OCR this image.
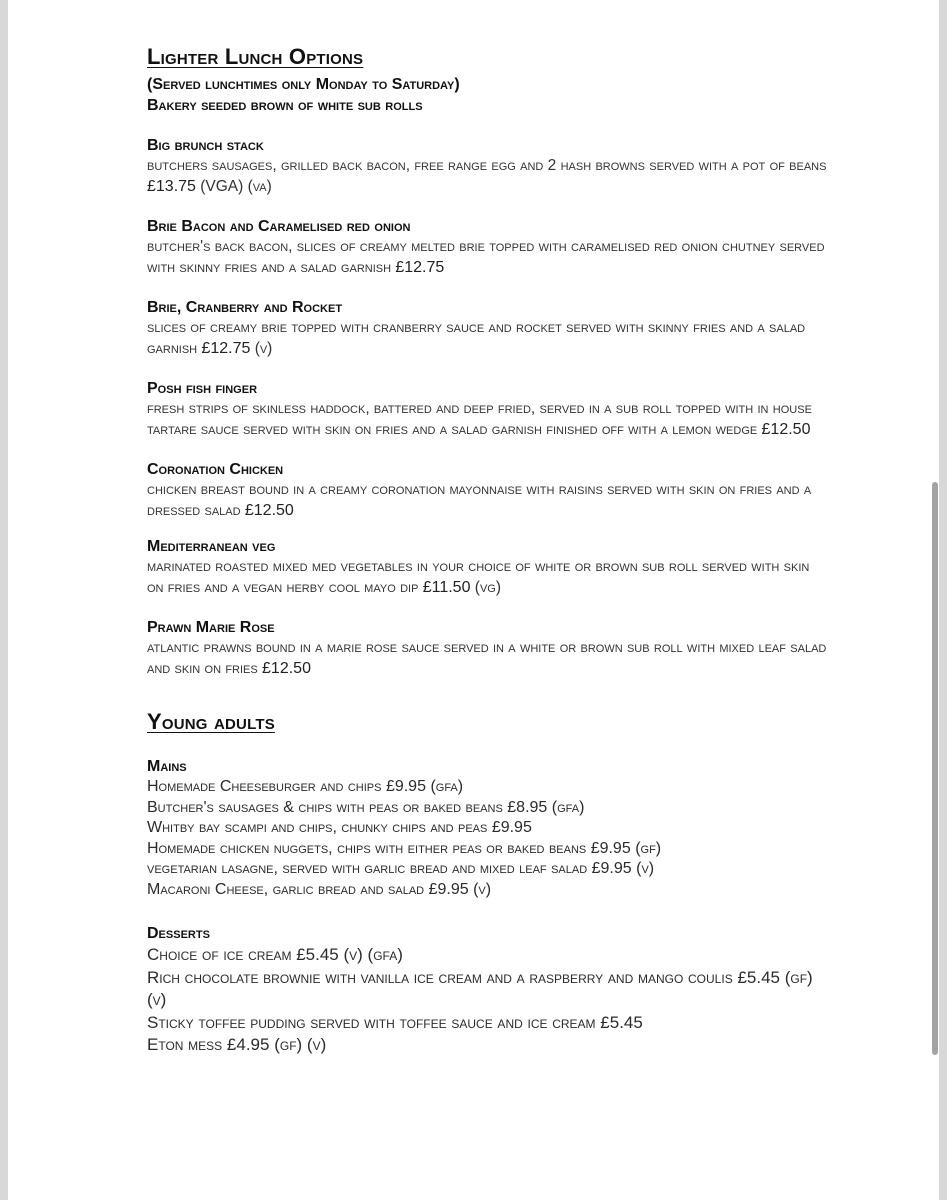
Lighter Lunch Options

(Served lunchtimes only Monday to Saturday)

Bakery seeded brown of white sub rolls

Big brunch stack

butchers sausages, grilled back bacon, free range egg and 2 hash browns served with a pot of beans £13.75 (VGA) (va)

Brie Bacon and Caramelised red onion

butcher's back bacon, slices of creamy melted brie topped with caramelised red onion chutney served with skinny fries and a salad garnish £12.75

Brie, Cranberry and Rocket

slices of creamy brie topped with cranberry sauce and rocket served with skinny fries and a salad garnish £12.75 (v)

Posh fish finger

fresh strips of skinless haddock, battered and deep fried, served in a sub roll topped with in house tartare sauce served with skin on fries and a salad garnish finished off with a lemon wedge £12.50

Coronation Chicken

chicken breast bound in a creamy coronation mayonnaise with raisins served with skin on fries and a dressed salad £12.50

Mediterranean veg

marinated roasted mixed med vegetables in your choice of white or brown sub roll served with skin on fries and a vegan herby cool mayo dip £11.50 (vg)

Prawn Marie Rose

atlantic prawns bound in a marie rose sauce served in a white or brown sub roll with mixed leaf salad and skin on fries £12.50

Young adults

Mains

Homemade Cheeseburger and chips £9.95 (gfa)

Butcher's sausages & chips with peas or baked beans £8.95 (gfa)

Whitby bay scampi and chips, chunky chips and peas £9.95

Homemade chicken nuggets, chips with either peas or baked beans £9.95 (gf)

vegetarian lasagne, served with garlic bread and mixed leaf salad £9.95 (v)

Macaroni Cheese, garlic bread and salad £9.95 (v)

Desserts

Choice of ice cream £5.45 (v) (gfa)

Rich chocolate brownie with vanilla ice cream and a raspberry and mango coulis £5.45 (gf) (v)

Sticky toffee pudding served with toffee sauce and ice cream £5.45

Eton mess £4.95 (gf) (v)
